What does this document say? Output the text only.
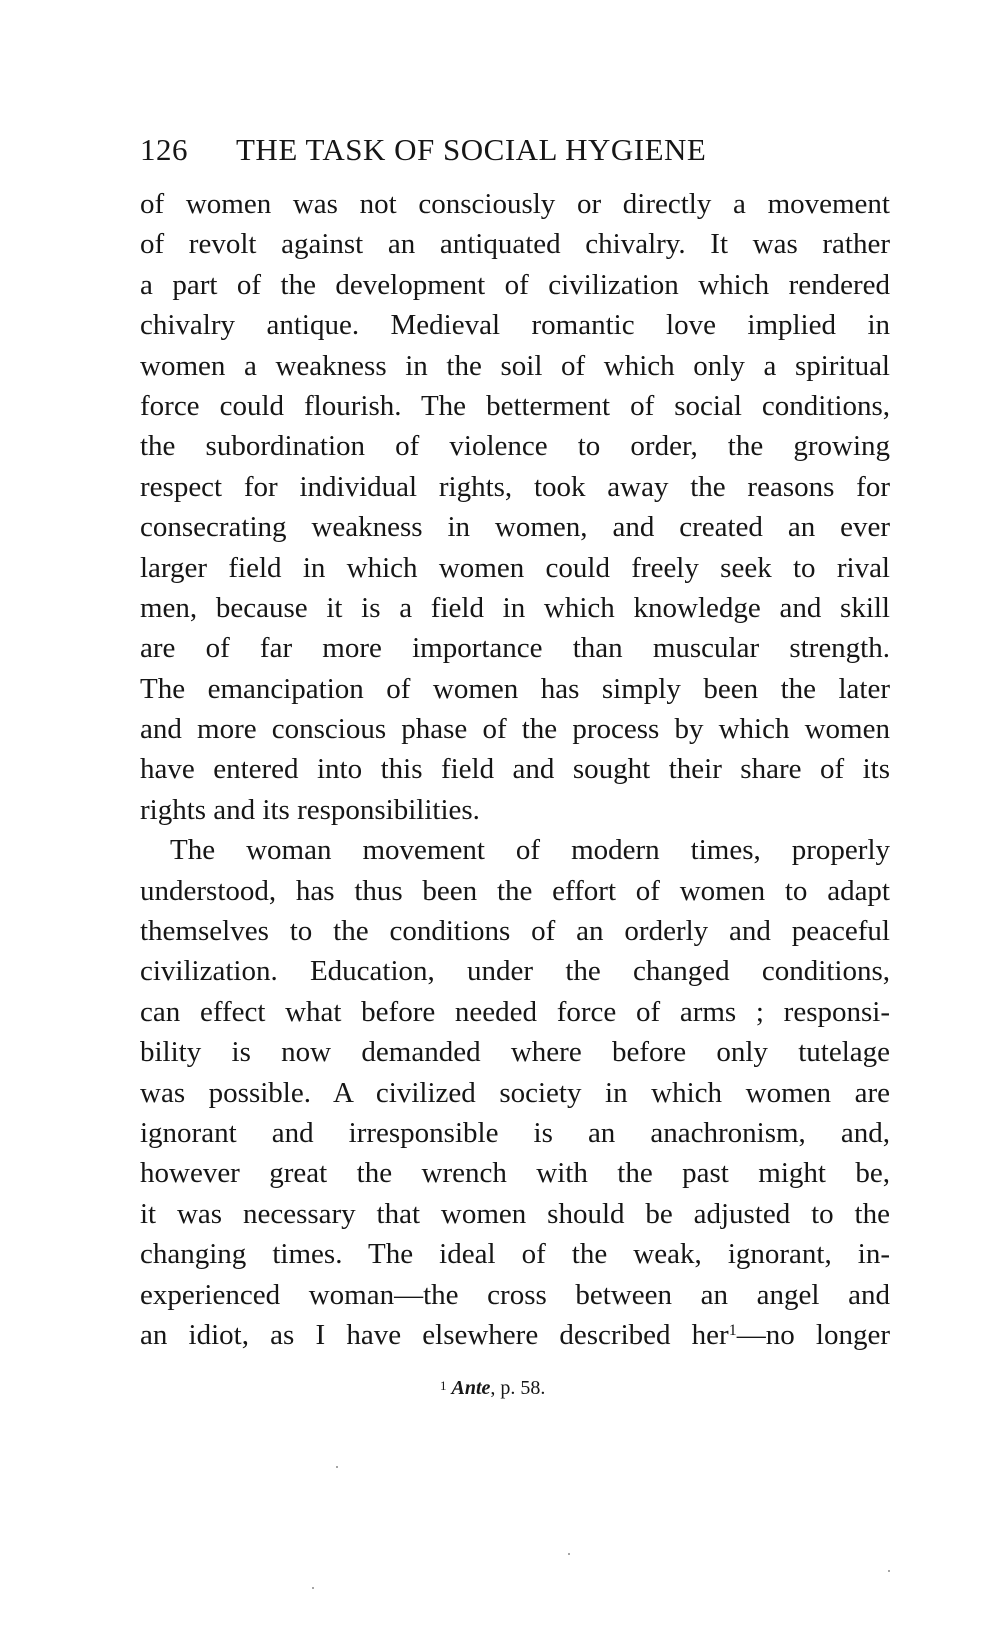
126 THE TASK OF SOCIAL HYGIENE
of women was not consciously or directly a movement
of revolt against an antiquated chivalry. It was rather
a part of the development of civilization which rendered
chivalry antique. Medieval romantic love implied in
women a weakness in the soil of which only a spiritual
force could flourish. The betterment of social conditions,
the subordination of violence to order, the growing
respect for individual rights, took away the reasons for
consecrating weakness in women, and created an ever
larger field in which women could freely seek to rival
men, because it is a field in which knowledge and skill
are of far more importance than muscular strength.
The emancipation of women has simply been the later
and more conscious phase of the process by which women
have entered into this field and sought their share of its
rights and its responsibilities.
The woman movement of modern times, properly
understood, has thus been the effort of women to adapt
themselves to the conditions of an orderly and peaceful
civilization. Education, under the changed conditions,
can effect what before needed force of arms ; responsi-
bility is now demanded where before only tutelage
was possible. A civilized society in which women are
ignorant and irresponsible is an anachronism, and,
however great the wrench with the past might be,
it was necessary that women should be adjusted to the
changing times. The ideal of the weak, ignorant, in-
experienced woman—the cross between an angel and
an idiot, as I have elsewhere described her$^1$—no longer
$^1$ Ante, p. 58.
